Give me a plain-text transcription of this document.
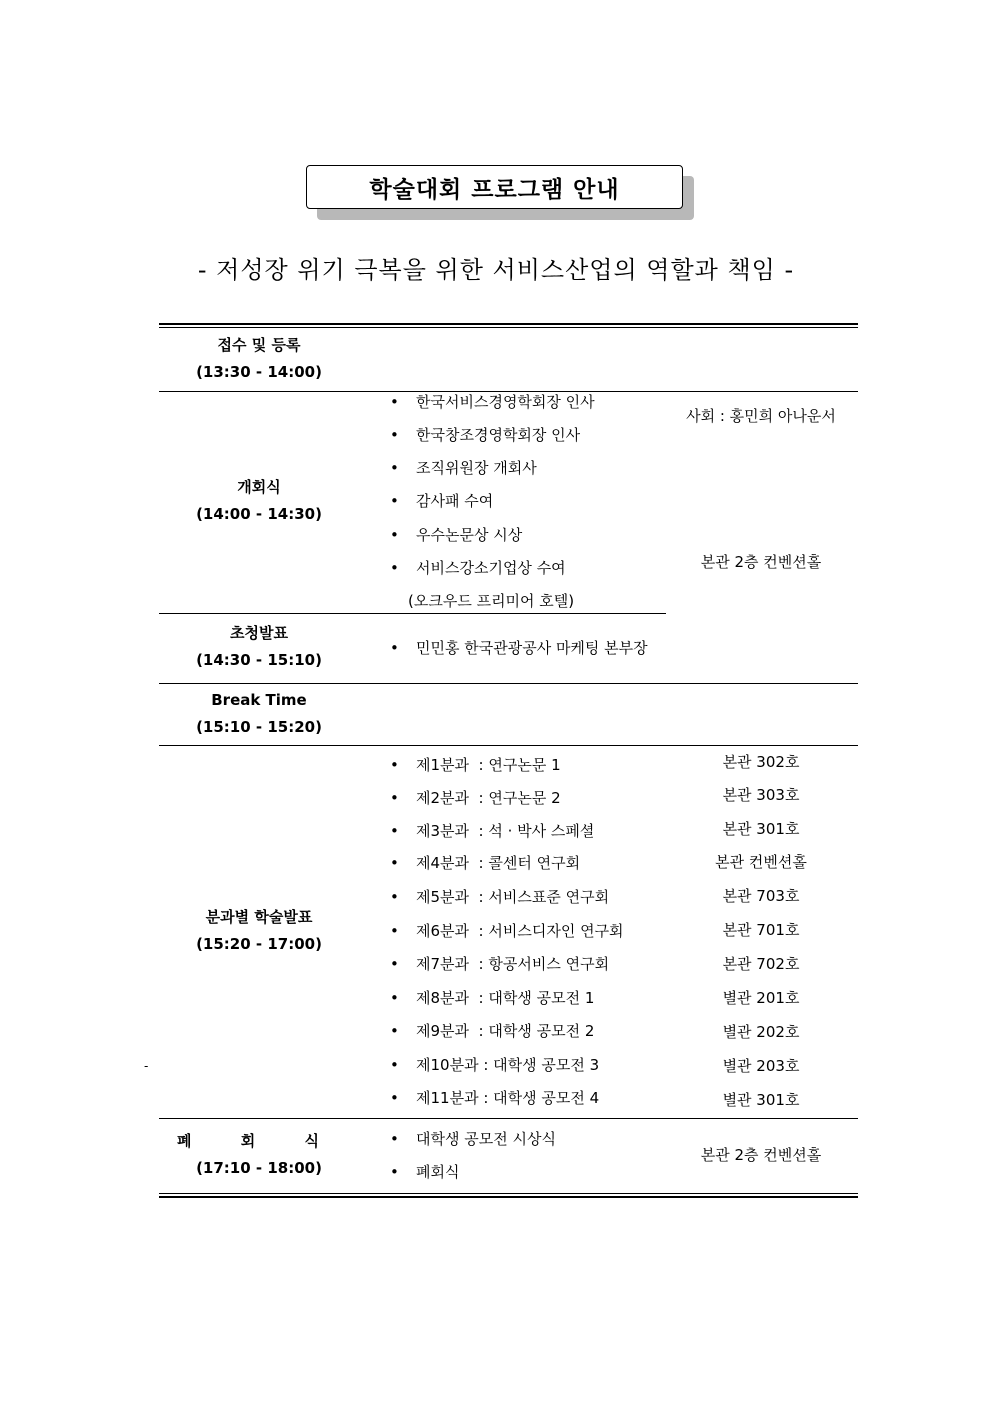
학술대회 프로그램 안내
- 저성장 위기 극복을 위한 서비스산업의 역할과 책임 -
접수 및 등록
(13:30 - 14:00)
개회식
(14:00 - 14:30)
• 한국서비스경영학회장 인사
• 한국창조경영학회장 인사
• 조직위원장 개회사
• 감사패 수여
• 우수논문상 시상
• 서비스강소기업상 수여
(오크우드 프리미어 호텔)
사회 : 홍민희 아나운서
본관 2층 컨벤션홀
초청발표
(14:30 - 15:10)
• 민민홍 한국관광공사 마케팅 본부장
Break Time
(15:10 - 15:20)
분과별 학술발표
(15:20 - 17:00)
• 제1분과  : 연구논문 1
• 제2분과  : 연구논문 2
• 제3분과  : 석 · 박사 스페셜
• 제4분과  : 콜센터 연구회
• 제5분과  : 서비스표준 연구회
• 제6분과  : 서비스디자인 연구회
• 제7분과  : 항공서비스 연구회
• 제8분과  : 대학생 공모전 1
• 제9분과  : 대학생 공모전 2
• 제10분과 : 대학생 공모전 3
• 제11분과 : 대학생 공모전 4
본관 302호
본관 303호
본관 301호
본관 컨벤션홀
본관 703호
본관 701호
본관 702호
별관 201호
별관 202호
별관 203호
별관 301호
폐 회 식
(17:10 - 18:00)
• 대학생 공모전 시상식
• 폐회식
본관 2층 컨벤션홀
-
